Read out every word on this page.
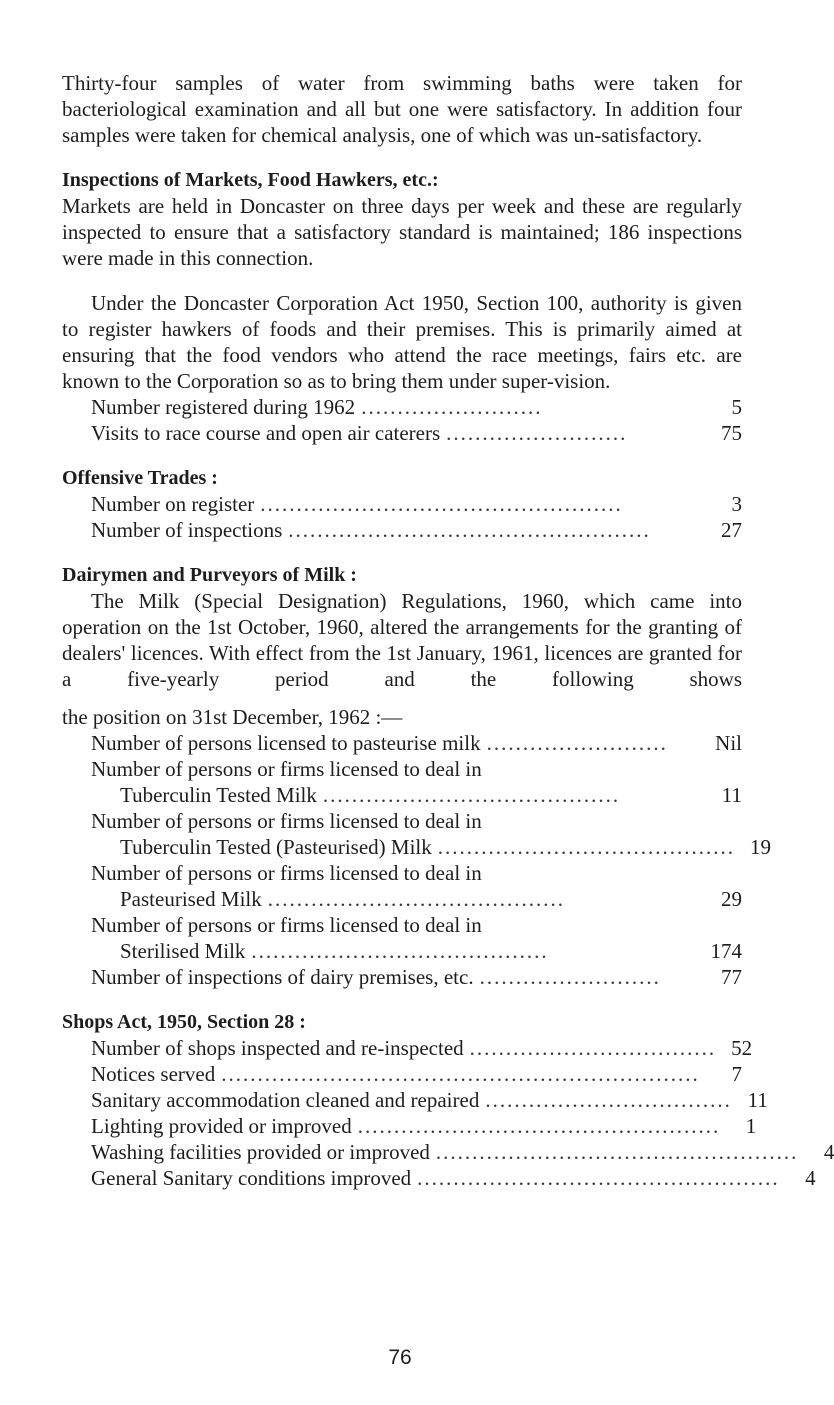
Thirty-four samples of water from swimming baths were taken for bacteriological examination and all but one were satisfactory. In addition four samples were taken for chemical analysis, one of which was un-satisfactory.

Inspections of Markets, Food Hawkers, etc.:

Markets are held in Doncaster on three days per week and these are regularly inspected to ensure that a satisfactory standard is maintained; 186 inspections were made in this connection.

Under the Doncaster Corporation Act 1950, Section 100, authority is given to register hawkers of foods and their premises. This is primarily aimed at ensuring that the food vendors who attend the race meetings, fairs etc. are known to the Corporation so as to bring them under super-vision.

Number registered during 1962 .........................	5
Visits to race course and open air caterers .........................	75
Offensive Trades :
Number on register ..................................................	3
Number of inspections ..................................................	27
Dairymen and Purveyors of Milk :

The Milk (Special Designation) Regulations, 1960, which came into operation on the 1st October, 1960, altered the arrangements for the granting of dealers' licences. With effect from the 1st January, 1961, licences are granted for a five-yearly period and the following shows

the position on 31st December, 1962 :—

Number of persons licensed to pasteurise milk .........................	Nil
Number of persons or firms licensed to deal in
Tuberculin Tested Milk .........................................	11
Number of persons or firms licensed to deal in
Tuberculin Tested (Pasteurised) Milk ......................................... 19
Number of persons or firms licensed to deal in
Pasteurised Milk .........................................	29
Number of persons or firms licensed to deal in
Sterilised Milk .........................................	174
Number of inspections of dairy premises, etc. .........................	77
Shops Act, 1950, Section 28 :
Number of shops inspected and re-inspected .................................. 52
Notices served ..................................................................	7
Sanitary accommodation cleaned and repaired .................................. 11
Lighting provided or improved ..................................................	1
Washing facilities provided or improved ..................................................	4
General Sanitary conditions improved ..................................................	4
76
